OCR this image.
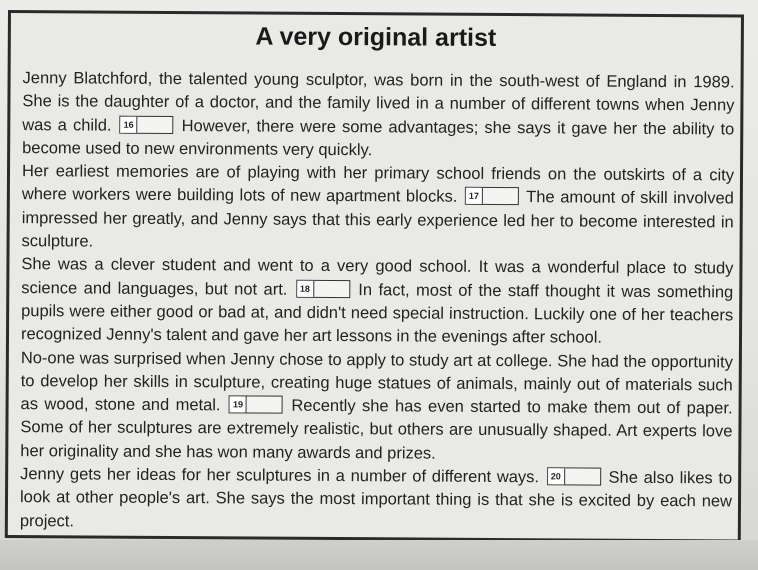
A very original artist

Jenny Blatchford, the talented young sculptor, was born in the south-west of England in 1989. She is the daughter of a doctor, and the family lived in a number of different towns when Jenny was a child.	16	However, there were some advantages; she says it gave her the ability to become used to new environments very quickly.

Her earliest memories are of playing with her primary school friends on the outskirts of a city where workers were building lots of new apartment blocks.	17	The amount of skill involved impressed her greatly, and Jenny says that this early experience led her to become interested in sculpture.

She was a clever student and went to a very good school. It was a wonderful place to study science and languages, but not art.	18	In fact, most of the staff thought it was something pupils were either good or bad at, and didn't need special instruction. Luckily one of her teachers recognized Jenny's talent and gave her art lessons in the evenings after school.

No-one was surprised when Jenny chose to apply to study art at college. She had the opportunity to develop her skills in sculpture, creating huge statues of animals, mainly out of materials such as wood, stone and metal.	19	Recently she has even started to make them out of paper. Some of her sculptures are extremely realistic, but others are unusually shaped. Art experts love her originality and she has won many awards and prizes.

Jenny gets her ideas for her sculptures in a number of different ways.	20	She also likes to look at other people's art. She says the most important thing is that she is excited by each new project.
